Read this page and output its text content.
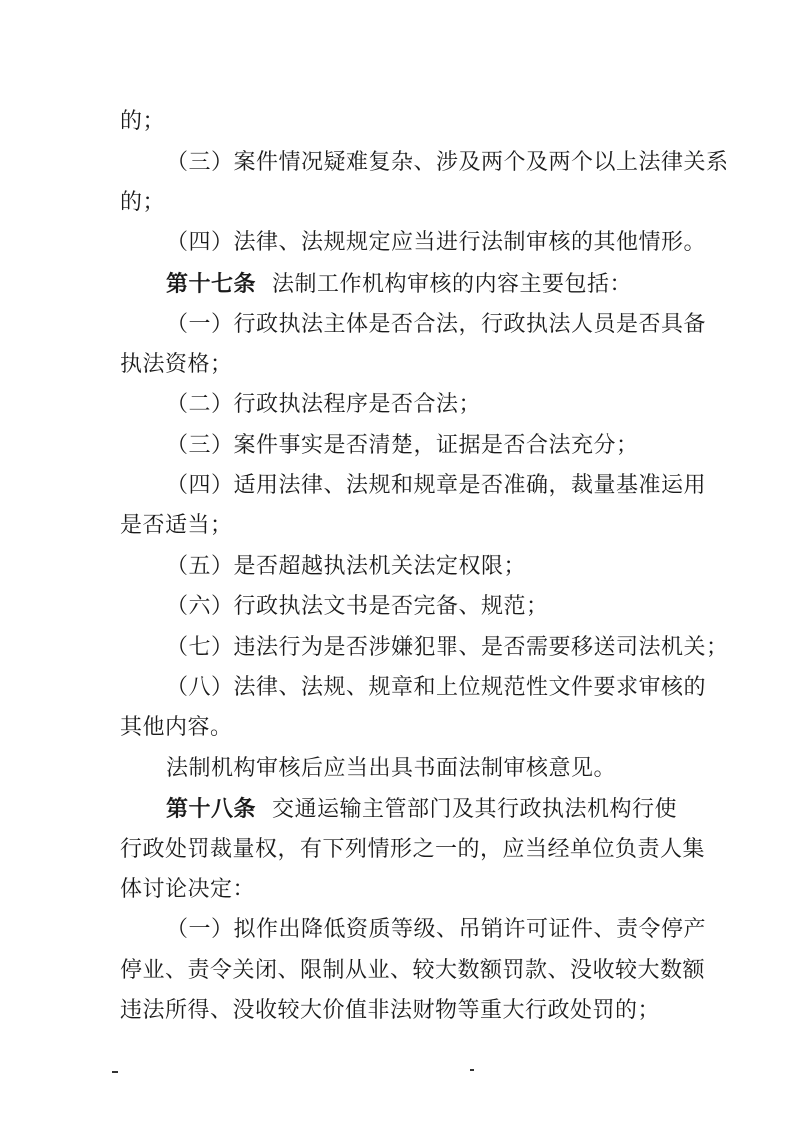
的；
（三）案件情况疑难复杂、涉及两个及两个以上法律关系
的；
（四）法律、法规规定应当进行法制审核的其他情形。
第十七条 法制工作机构审核的内容主要包括：
（一）行政执法主体是否合法，行政执法人员是否具备
执法资格；
（二）行政执法程序是否合法；
（三）案件事实是否清楚，证据是否合法充分；
（四）适用法律、法规和规章是否准确，裁量基准运用
是否适当；
（五）是否超越执法机关法定权限；
（六）行政执法文书是否完备、规范；
（七）违法行为是否涉嫌犯罪、是否需要移送司法机关；
（八）法律、法规、规章和上位规范性文件要求审核的
其他内容。
法制机构审核后应当出具书面法制审核意见。
第十八条 交通运输主管部门及其行政执法机构行使
行政处罚裁量权，有下列情形之一的，应当经单位负责人集
体讨论决定：
（一）拟作出降低资质等级、吊销许可证件、责令停产
停业、责令关闭、限制从业、较大数额罚款、没收较大数额
违法所得、没收较大价值非法财物等重大行政处罚的；
